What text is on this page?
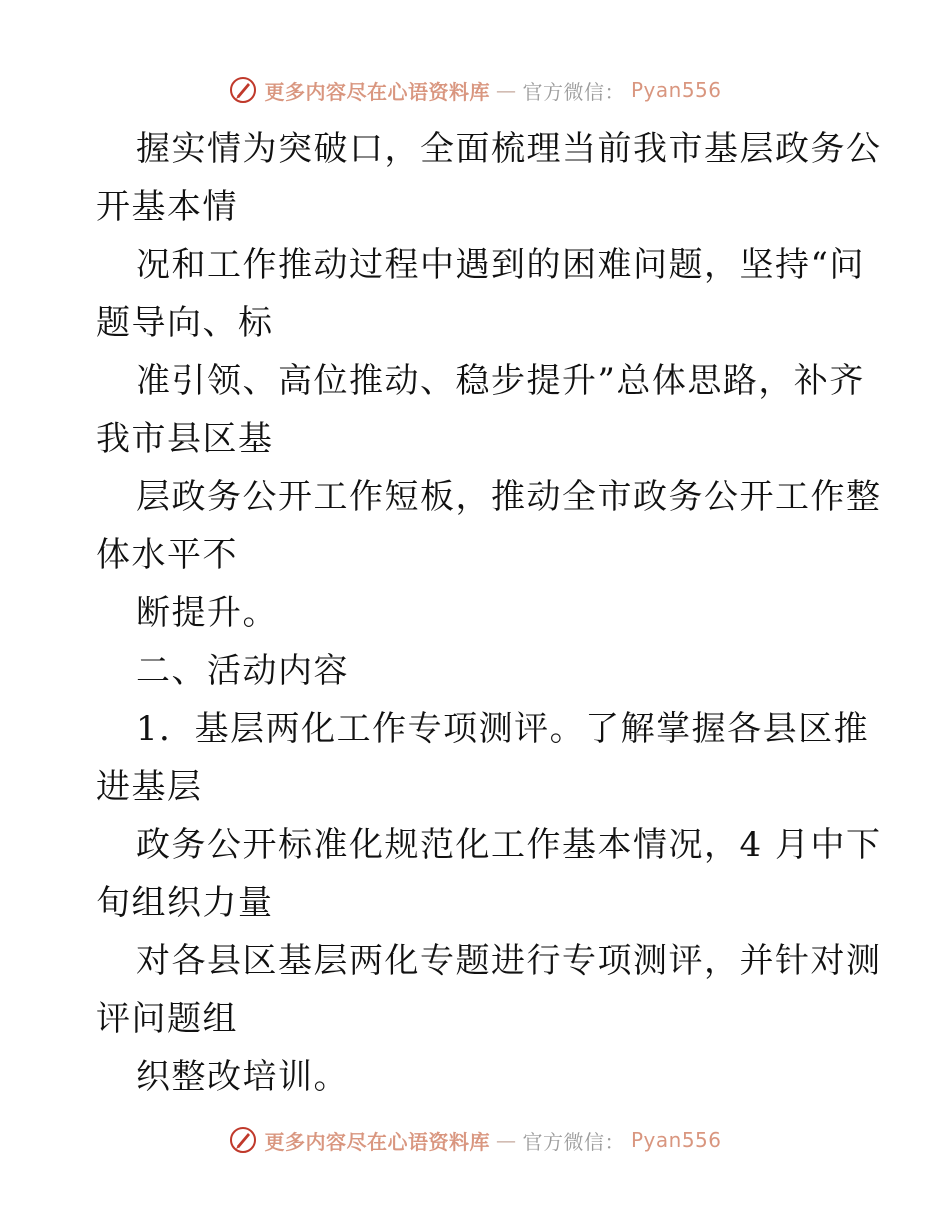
更多内容尽在心语资料库 — 官方微信： Pyan556
握实情为突破口，全面梳理当前我市基层政务公
开基本情
况和工作推动过程中遇到的困难问题，坚持“问
题导向、标
准引领、高位推动、稳步提升”总体思路，补齐
我市县区基
层政务公开工作短板，推动全市政务公开工作整
体水平不
断提升。
二、活动内容
1．基层两化工作专项测评。了解掌握各县区推
进基层
政务公开标准化规范化工作基本情况，4 月中下
旬组织力量
对各县区基层两化专题进行专项测评，并针对测
评问题组
织整改培训。
更多内容尽在心语资料库 — 官方微信： Pyan556
